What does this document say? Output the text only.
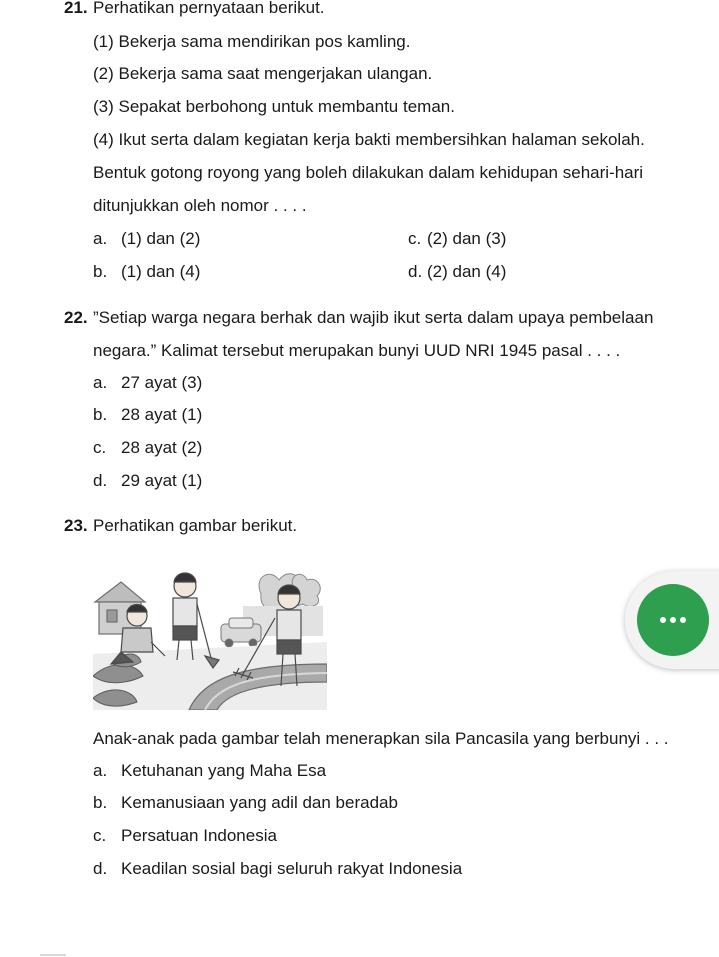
21. Perhatikan pernyataan berikut.
(1) Bekerja sama mendirikan pos kamling.
(2) Bekerja sama saat mengerjakan ulangan.
(3) Sepakat berbohong untuk membantu teman.
(4) Ikut serta dalam kegiatan kerja bakti membersihkan halaman sekolah.
Bentuk gotong royong yang boleh dilakukan dalam kehidupan sehari-hari
ditunjukkan oleh nomor . . . .
a. (1) dan (2)
b. (1) dan (4)
c. (2) dan (3)
d. (2) dan (4)
22. ”Setiap warga negara berhak dan wajib ikut serta dalam upaya pembelaan
negara.” Kalimat tersebut merupakan bunyi UUD NRI 1945 pasal . . . .
a. 27 ayat (3)
b. 28 ayat (1)
c. 28 ayat (2)
d. 29 ayat (1)
23. Perhatikan gambar berikut.
Anak-anak pada gambar telah menerapkan sila Pancasila yang berbunyi . . .
a. Ketuhanan yang Maha Esa
b. Kemanusiaan yang adil dan beradab
c. Persatuan Indonesia
d. Keadilan sosial bagi seluruh rakyat Indonesia
